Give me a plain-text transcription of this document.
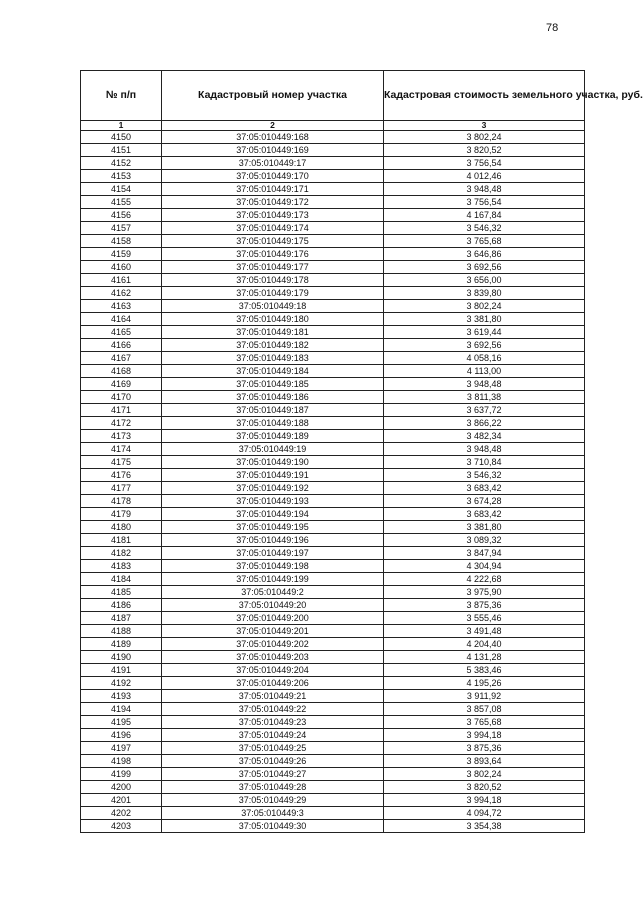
78
№ п/п	Кадастровый номер участка	Кадастровая стоимость земельного участка, руб.
1	2	3
4150	37:05:010449:168	3 802,24
4151	37:05:010449:169	3 820,52
4152	37:05:010449:17	3 756,54
4153	37:05:010449:170	4 012,46
4154	37:05:010449:171	3 948,48
4155	37:05:010449:172	3 756,54
4156	37:05:010449:173	4 167,84
4157	37:05:010449:174	3 546,32
4158	37:05:010449:175	3 765,68
4159	37:05:010449:176	3 646,86
4160	37:05:010449:177	3 692,56
4161	37:05:010449:178	3 656,00
4162	37:05:010449:179	3 839,80
4163	37:05:010449:18	3 802,24
4164	37:05:010449:180	3 381,80
4165	37:05:010449:181	3 619,44
4166	37:05:010449:182	3 692,56
4167	37:05:010449:183	4 058,16
4168	37:05:010449:184	4 113,00
4169	37:05:010449:185	3 948,48
4170	37:05:010449:186	3 811,38
4171	37:05:010449:187	3 637,72
4172	37:05:010449:188	3 866,22
4173	37:05:010449:189	3 482,34
4174	37:05:010449:19	3 948,48
4175	37:05:010449:190	3 710,84
4176	37:05:010449:191	3 546,32
4177	37:05:010449:192	3 683,42
4178	37:05:010449:193	3 674,28
4179	37:05:010449:194	3 683,42
4180	37:05:010449:195	3 381,80
4181	37:05:010449:196	3 089,32
4182	37:05:010449:197	3 847,94
4183	37:05:010449:198	4 304,94
4184	37:05:010449:199	4 222,68
4185	37:05:010449:2	3 975,90
4186	37:05:010449:20	3 875,36
4187	37:05:010449:200	3 555,46
4188	37:05:010449:201	3 491,48
4189	37:05:010449:202	4 204,40
4190	37:05:010449:203	4 131,28
4191	37:05:010449:204	5 383,46
4192	37:05:010449:206	4 195,26
4193	37:05:010449:21	3 911,92
4194	37:05:010449:22	3 857,08
4195	37:05:010449:23	3 765,68
4196	37:05:010449:24	3 994,18
4197	37:05:010449:25	3 875,36
4198	37:05:010449:26	3 893,64
4199	37:05:010449:27	3 802,24
4200	37:05:010449:28	3 820,52
4201	37:05:010449:29	3 994,18
4202	37:05:010449:3	4 094,72
4203	37:05:010449:30	3 354,38
